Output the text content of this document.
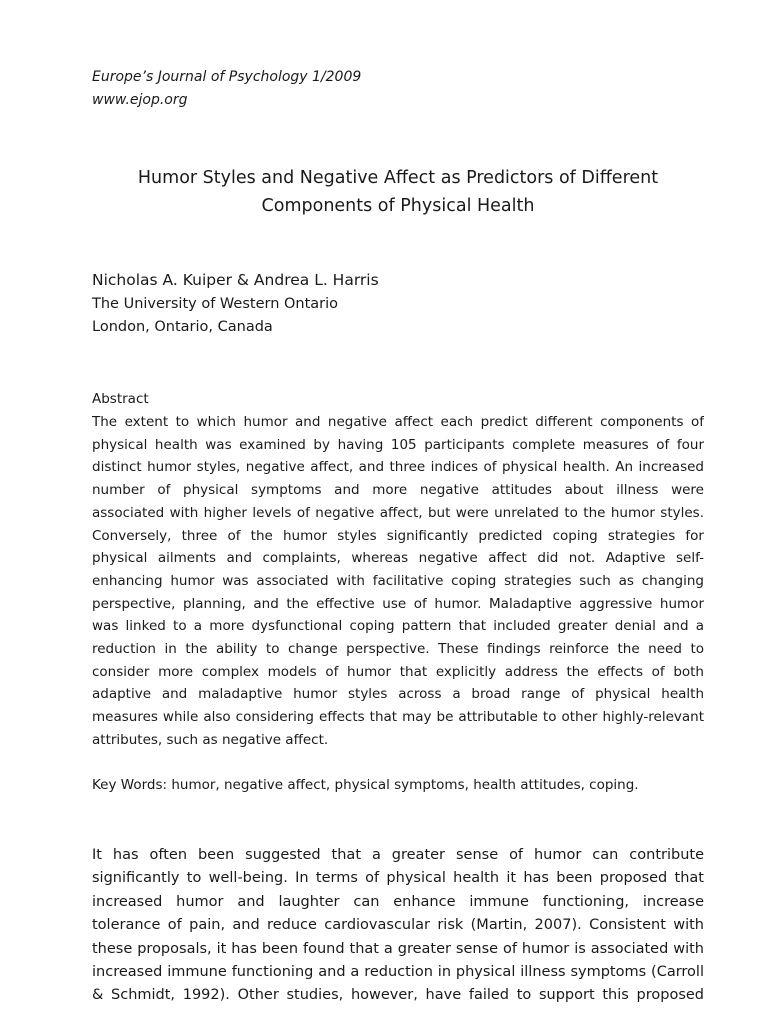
Europe’s Journal of Psychology 1/2009
www.ejop.org
Humor Styles and Negative Affect as Predictors of Different
Components of Physical Health
Nicholas A. Kuiper & Andrea L. Harris
The University of Western Ontario
London, Ontario, Canada
Abstract
The extent to which humor and negative affect each predict different components of
physical health was examined by having 105 participants complete measures of four
distinct humor styles, negative affect, and three indices of physical health. An increased
number of physical symptoms and more negative attitudes about illness were
associated with higher levels of negative affect, but were unrelated to the humor styles.
Conversely, three of the humor styles significantly predicted coping strategies for
physical ailments and complaints, whereas negative affect did not. Adaptive self-
enhancing humor was associated with facilitative coping strategies such as changing
perspective, planning, and the effective use of humor. Maladaptive aggressive humor
was linked to a more dysfunctional coping pattern that included greater denial and a
reduction in the ability to change perspective. These findings reinforce the need to
consider more complex models of humor that explicitly address the effects of both
adaptive and maladaptive humor styles across a broad range of physical health
measures while also considering effects that may be attributable to other highly-relevant
attributes, such as negative affect.
Key Words: humor, negative affect, physical symptoms, health attitudes, coping.
It has often been suggested that a greater sense of humor can contribute
significantly to well-being. In terms of physical health it has been proposed that
increased humor and laughter can enhance immune functioning, increase
tolerance of pain, and reduce cardiovascular risk (Martin, 2007). Consistent with
these proposals, it has been found that a greater sense of humor is associated with
increased immune functioning and a reduction in physical illness symptoms (Carroll
& Schmidt, 1992). Other studies, however, have failed to support this proposed
